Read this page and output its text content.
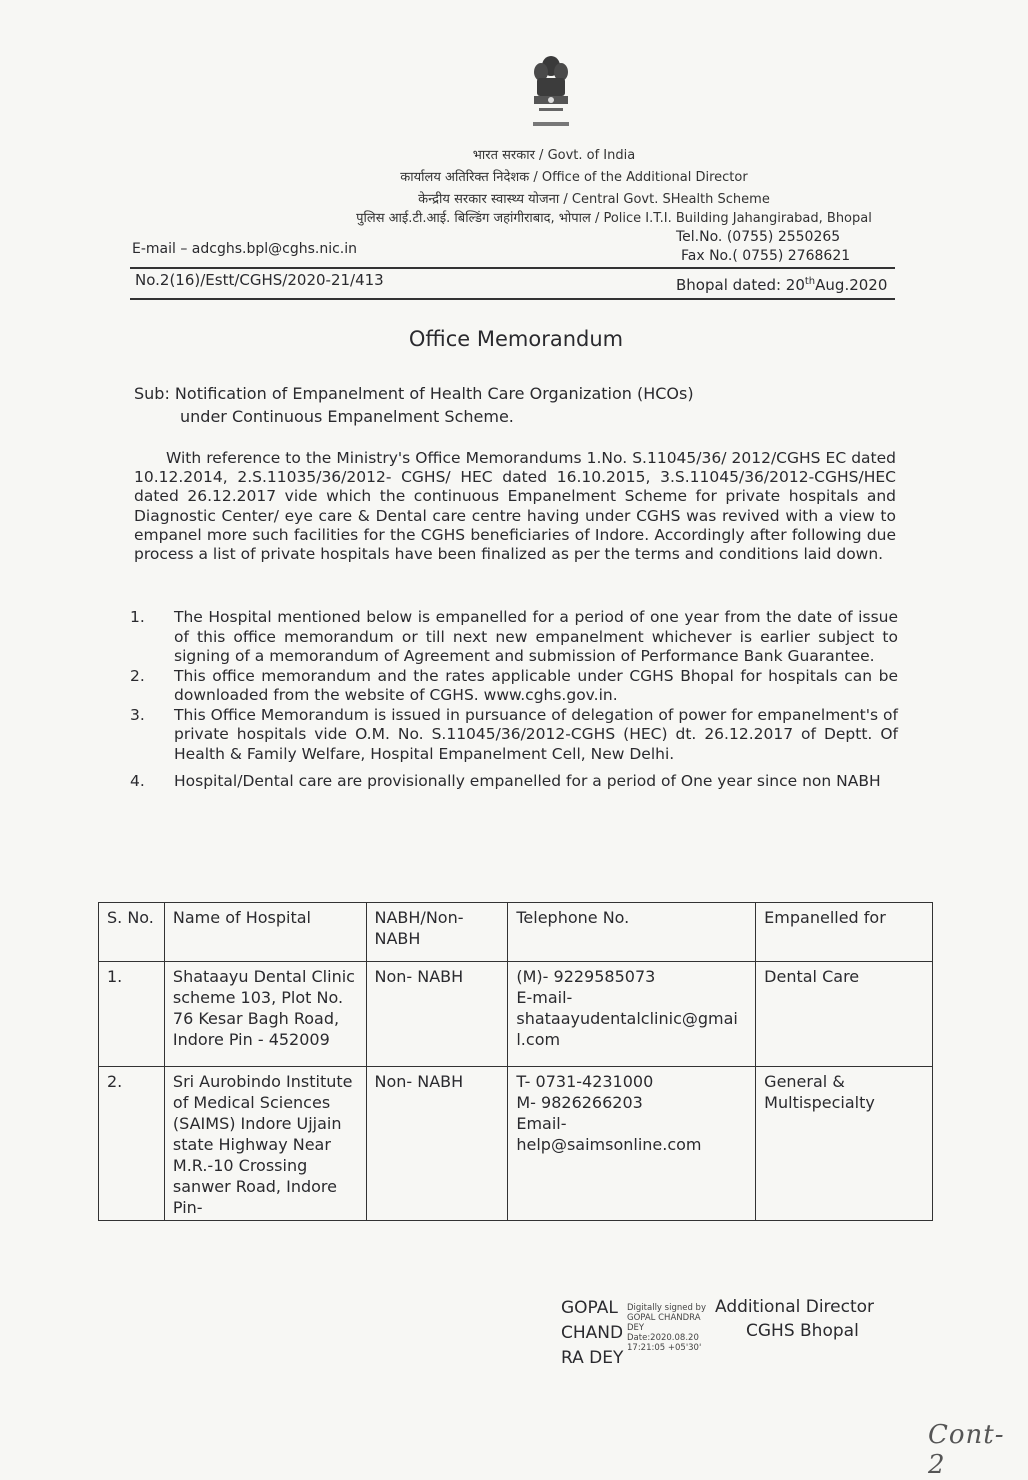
भारत सरकार / Govt. of India
कार्यालय अतिरिक्त निदेशक / Office of the Additional Director
केन्द्रीय सरकार स्वास्थ्य योजना / Central Govt. SHealth Scheme
पुलिस आई.टी.आई. बिल्डिंग जहांगीराबाद, भोपाल / Police I.T.I. Building Jahangirabad, Bhopal
E-mail – adcghs.bpl@cghs.nic.in
Tel.No. (0755) 2550265
Fax No.( 0755) 2768621
No.2(16)/Estt/CGHS/2020-21/413	Bhopal dated: 20thAug.2020
Office Memorandum
Sub: Notification of Empanelment of Health Care Organization (HCOs)
under Continuous Empanelment Scheme.
With reference to the Ministry's Office Memorandums 1.No. S.11045/36/ 2012/CGHS EC dated 10.12.2014, 2.S.11035/36/2012- CGHS/ HEC dated 16.10.2015, 3.S.11045/36/2012-CGHS/HEC dated 26.12.2017 vide which the continuous Empanelment Scheme for private hospitals and Diagnostic Center/ eye care & Dental care centre having under CGHS was revived with a view to empanel more such facilities for the CGHS beneficiaries of Indore. Accordingly after following due process a list of private hospitals have been finalized as per the terms and conditions laid down.
1.	The Hospital mentioned below is empanelled for a period of one year from the date of issue of this office memorandum or till next new empanelment whichever is earlier subject to signing of a memorandum of Agreement and submission of Performance Bank Guarantee.
2.	This office memorandum and the rates applicable under CGHS Bhopal for hospitals can be downloaded from the website of CGHS. www.cghs.gov.in.
3.	This Office Memorandum is issued in pursuance of delegation of power for empanelment's of private hospitals vide O.M. No. S.11045/36/2012-CGHS (HEC) dt. 26.12.2017 of Deptt. Of Health & Family Welfare, Hospital Empanelment Cell, New Delhi.
4.	Hospital/Dental care are provisionally empanelled for a period of One year since non NABH
S. No.	Name of Hospital	NABH/Non-NABH	Telephone No.	Empanelled for
1.	Shataayu Dental Clinic scheme 103, Plot No. 76 Kesar Bagh Road, Indore Pin - 452009	Non- NABH	(M)- 9229585073
E-mail-
shataayudentalclinic@gmail.com	Dental Care
2.	Sri Aurobindo Institute of Medical Sciences (SAIMS) Indore Ujjain state Highway Near M.R.-10 Crossing sanwer Road, Indore Pin-	Non- NABH	T- 0731-4231000
M- 9826266203
Email-
help@saimsonline.com	General & Multispecialty
GOPAL CHAND RA DEY
Digitally signed by GOPAL CHANDRA DEY Date:2020.08.20 17:21:05 +05'30'
Additional Director
CGHS Bhopal
Cont- 2
